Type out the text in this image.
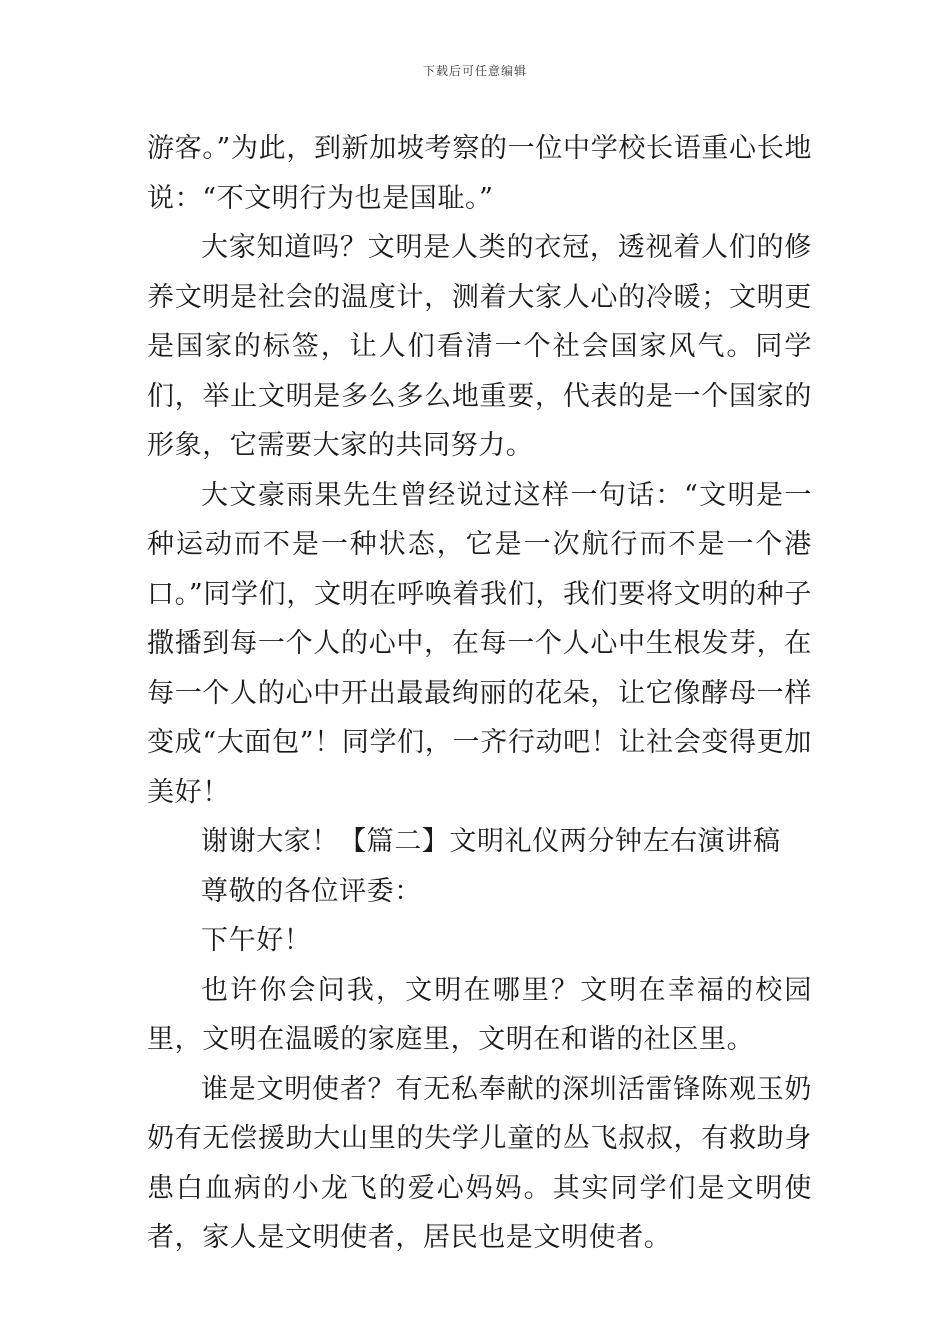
下载后可任意编辑

游客。”为此，到新加坡考察的一位中学校长语重心长地说：“不文明行为也是国耻。”

大家知道吗？文明是人类的衣冠，透视着人们的修养文明是社会的温度计，测着大家人心的冷暖；文明更是国家的标签，让人们看清一个社会国家风气。同学们，举止文明是多么多么地重要，代表的是一个国家的形象，它需要大家的共同努力。

大文豪雨果先生曾经说过这样一句话：“文明是一种运动而不是一种状态，它是一次航行而不是一个港口。”同学们，文明在呼唤着我们，我们要将文明的种子撒播到每一个人的心中，在每一个人心中生根发芽，在每一个人的心中开出最最绚丽的花朵，让它像酵母一样变成“大面包”！同学们，一齐行动吧！让社会变得更加美好！

谢谢大家！【篇二】文明礼仪两分钟左右演讲稿

尊敬的各位评委：

下午好！

也许你会问我，文明在哪里？文明在幸福的校园里，文明在温暖的家庭里，文明在和谐的社区里。

谁是文明使者？有无私奉献的深圳活雷锋陈观玉奶奶有无偿援助大山里的失学儿童的丛飞叔叔，有救助身患白血病的小龙飞的爱心妈妈。其实同学们是文明使者，家人是文明使者，居民也是文明使者。
